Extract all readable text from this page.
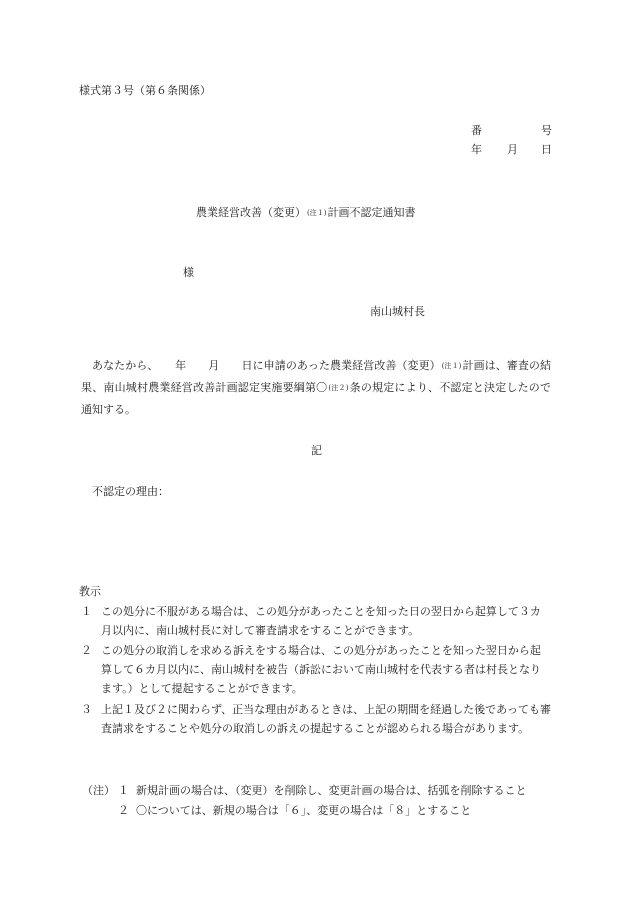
様式第３号（第６条関係）
番	号
年 月 日
農業経営改善（変更）(注１)計画不認定通知書
様
南山城村長
あなたから、　　年　　月　　日に申請のあった農業経営改善（変更）(注１)計画は、審査の結果、南山城村農業経営改善計画認定実施要綱第〇(注２)条の規定により、不認定と決定したので通知する。
記
不認定の理由：
教示
１ この処分に不服がある場合は、この処分があったことを知った日の翌日から起算して３カ月以内に、南山城村長に対して審査請求をすることができます。
２ この処分の取消しを求める訴えをする場合は、この処分があったことを知った翌日から起算して６カ月以内に、南山城村を被告（訴訟において南山城村を代表する者は村長となります。）として提起することができます。
３ 上記１及び２に関わらず、正当な理由があるときは、上記の期間を経過した後であっても審査請求をすることや処分の取消しの訴えの提起することが認められる場合があります。
（注） １ 新規計画の場合は、（変更）を削除し、変更計画の場合は、括弧を削除すること
２ 〇については、新規の場合は「６」、変更の場合は「８」とすること
